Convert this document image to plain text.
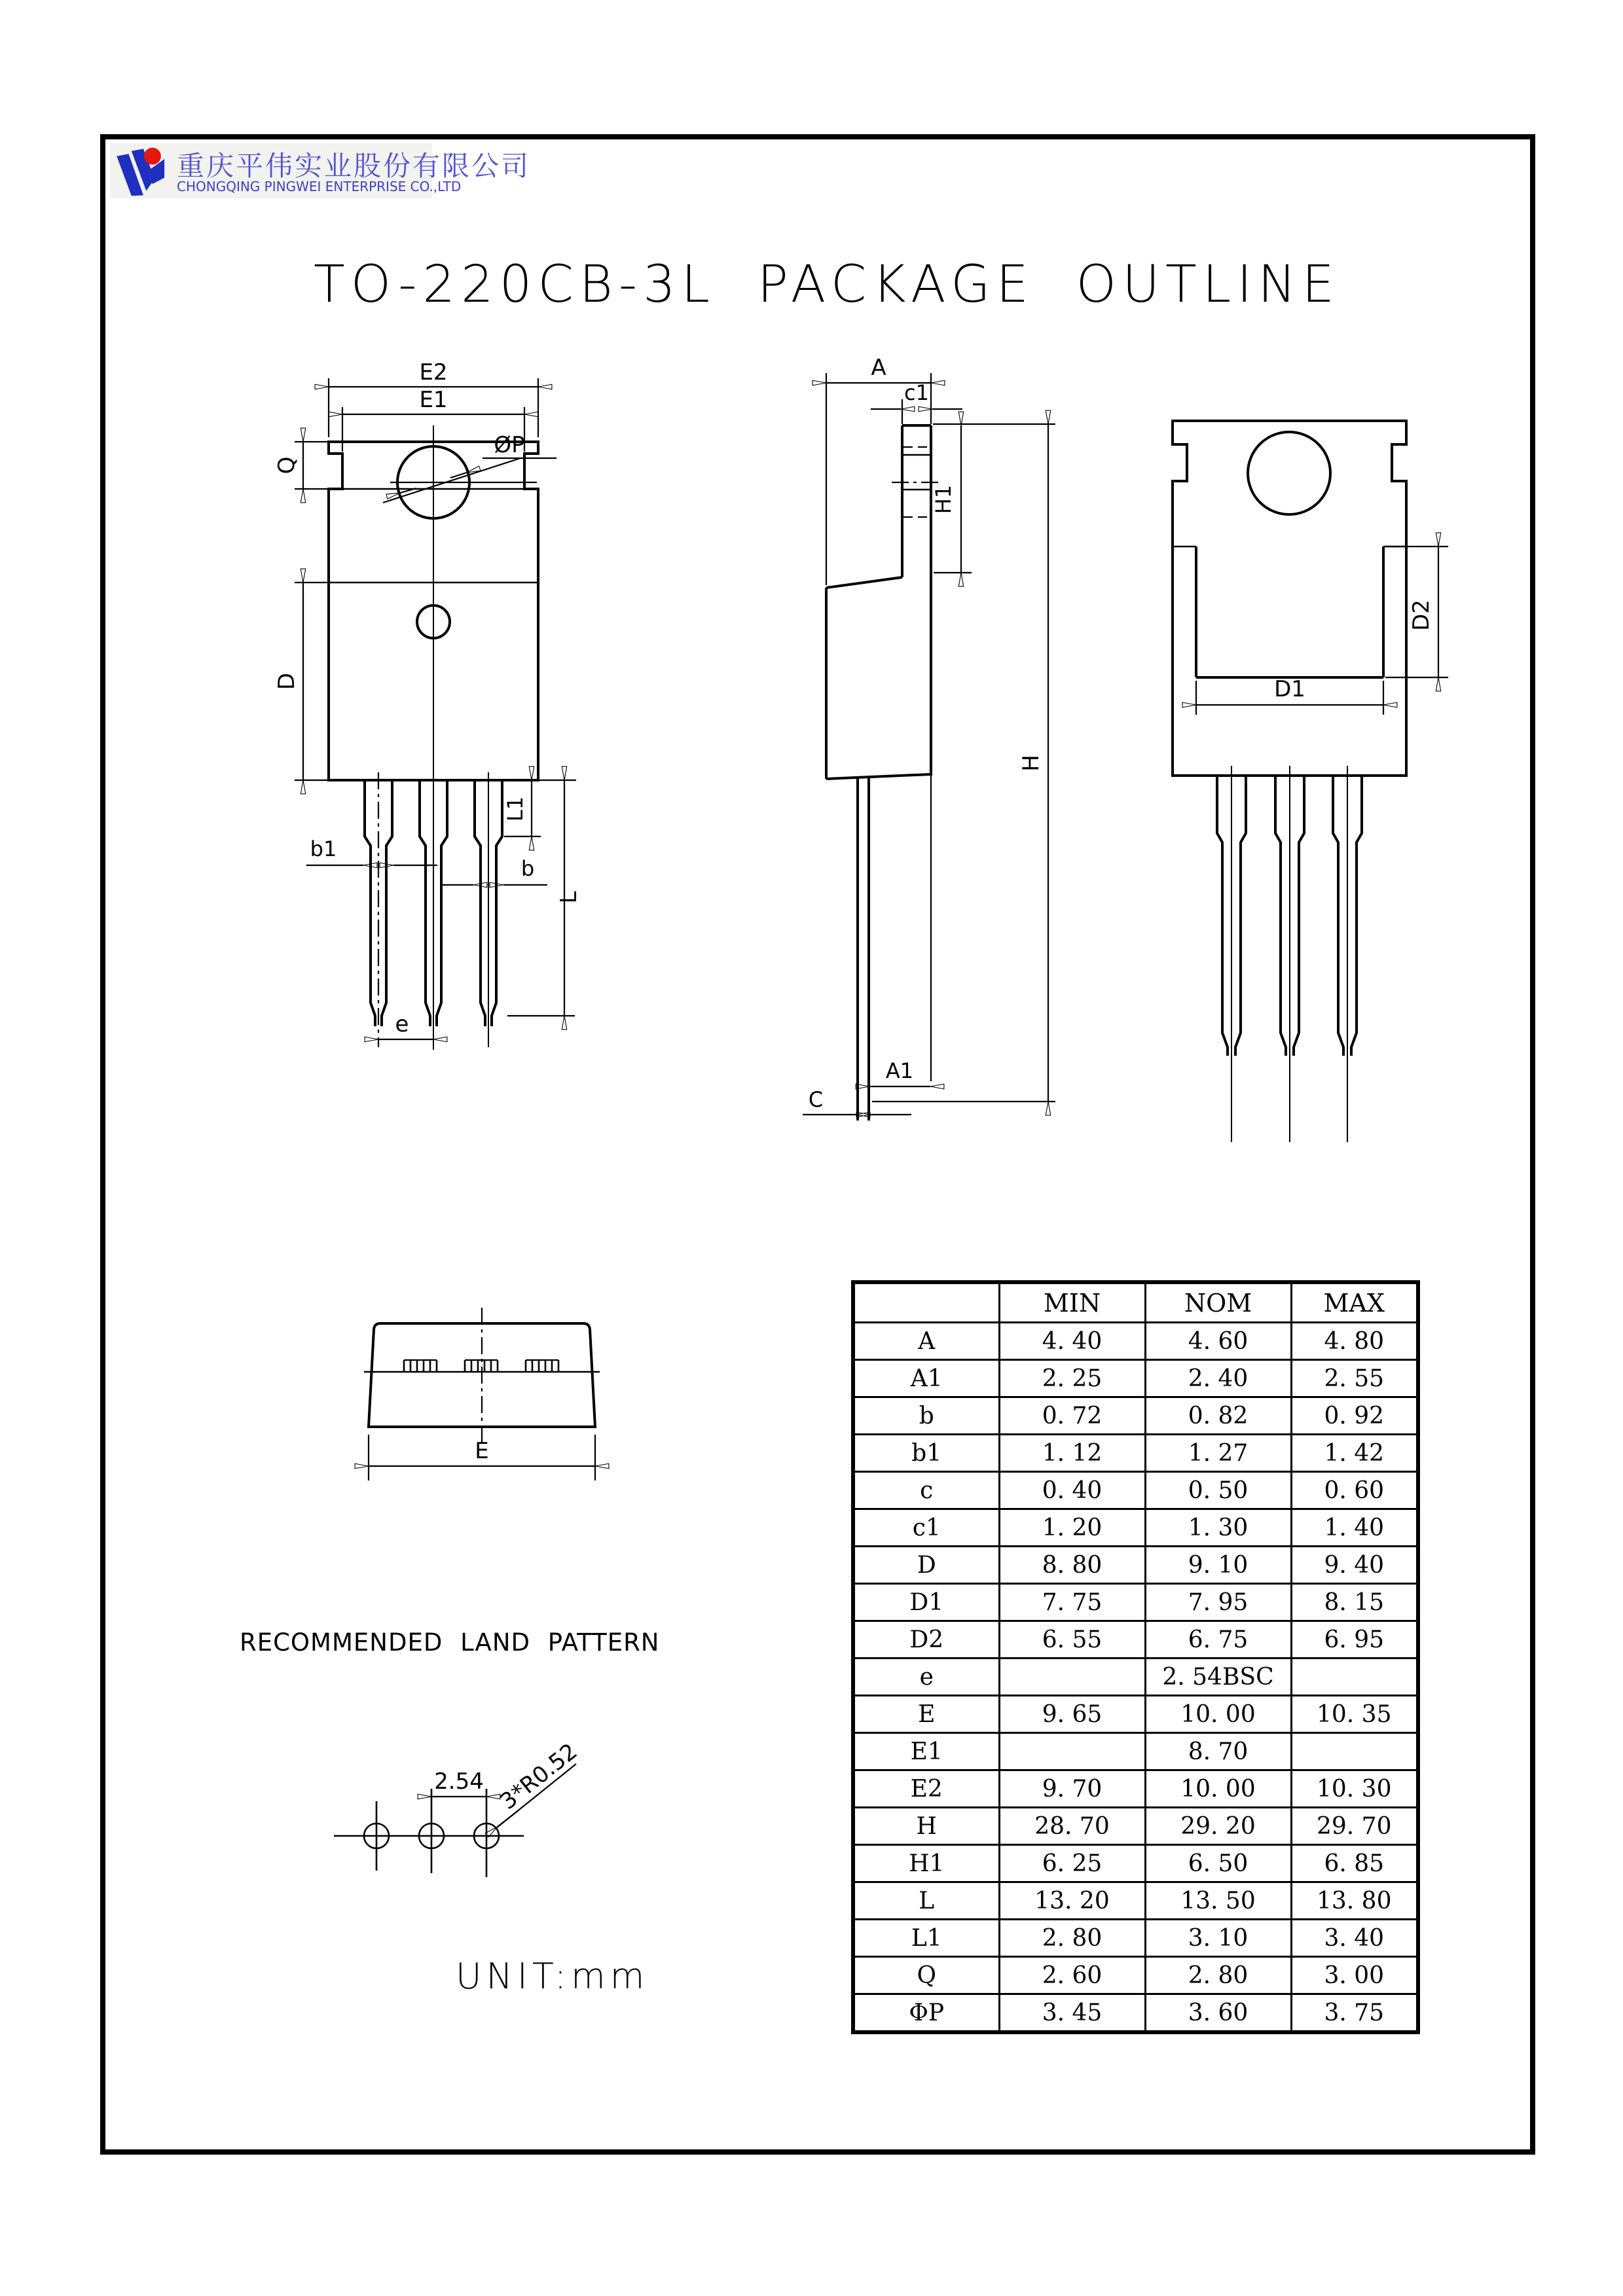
重庆平伟实业股份有限公司
CHONGQING PINGWEI ENTERPRISE CO.,LTD
TO-220CB-3L PACKAGE OUTLINE
E2
E1
Q
ØP
D
b1
b
L1
L
e
A
c1
H1
H
A1
C
D2
D1
E
2.54 3*R0.52
RECOMMENDED LAND PATTERN
UNIT:mm
	MIN	NOM	MAX
A	4. 40	4. 60	4. 80
A1	2. 25	2. 40	2. 55
b	0. 72	0. 82	0. 92
b1	1. 12	1. 27	1. 42
c	0. 40	0. 50	0. 60
c1	1. 20	1. 30	1. 40
D	8. 80	9. 10	9. 40
D1	7. 75	7. 95	8. 15
D2	6. 55	6. 75	6. 95
e		2. 54BSC	
E	9. 65	10. 00	10. 35
E1		8. 70	
E2	9. 70	10. 00	10. 30
H	28. 70	29. 20	29. 70
H1	6. 25	6. 50	6. 85
L	13. 20	13. 50	13. 80
L1	2. 80	3. 10	3. 40
Q	2. 60	2. 80	3. 00
ΦP	3. 45	3. 60	3. 75
